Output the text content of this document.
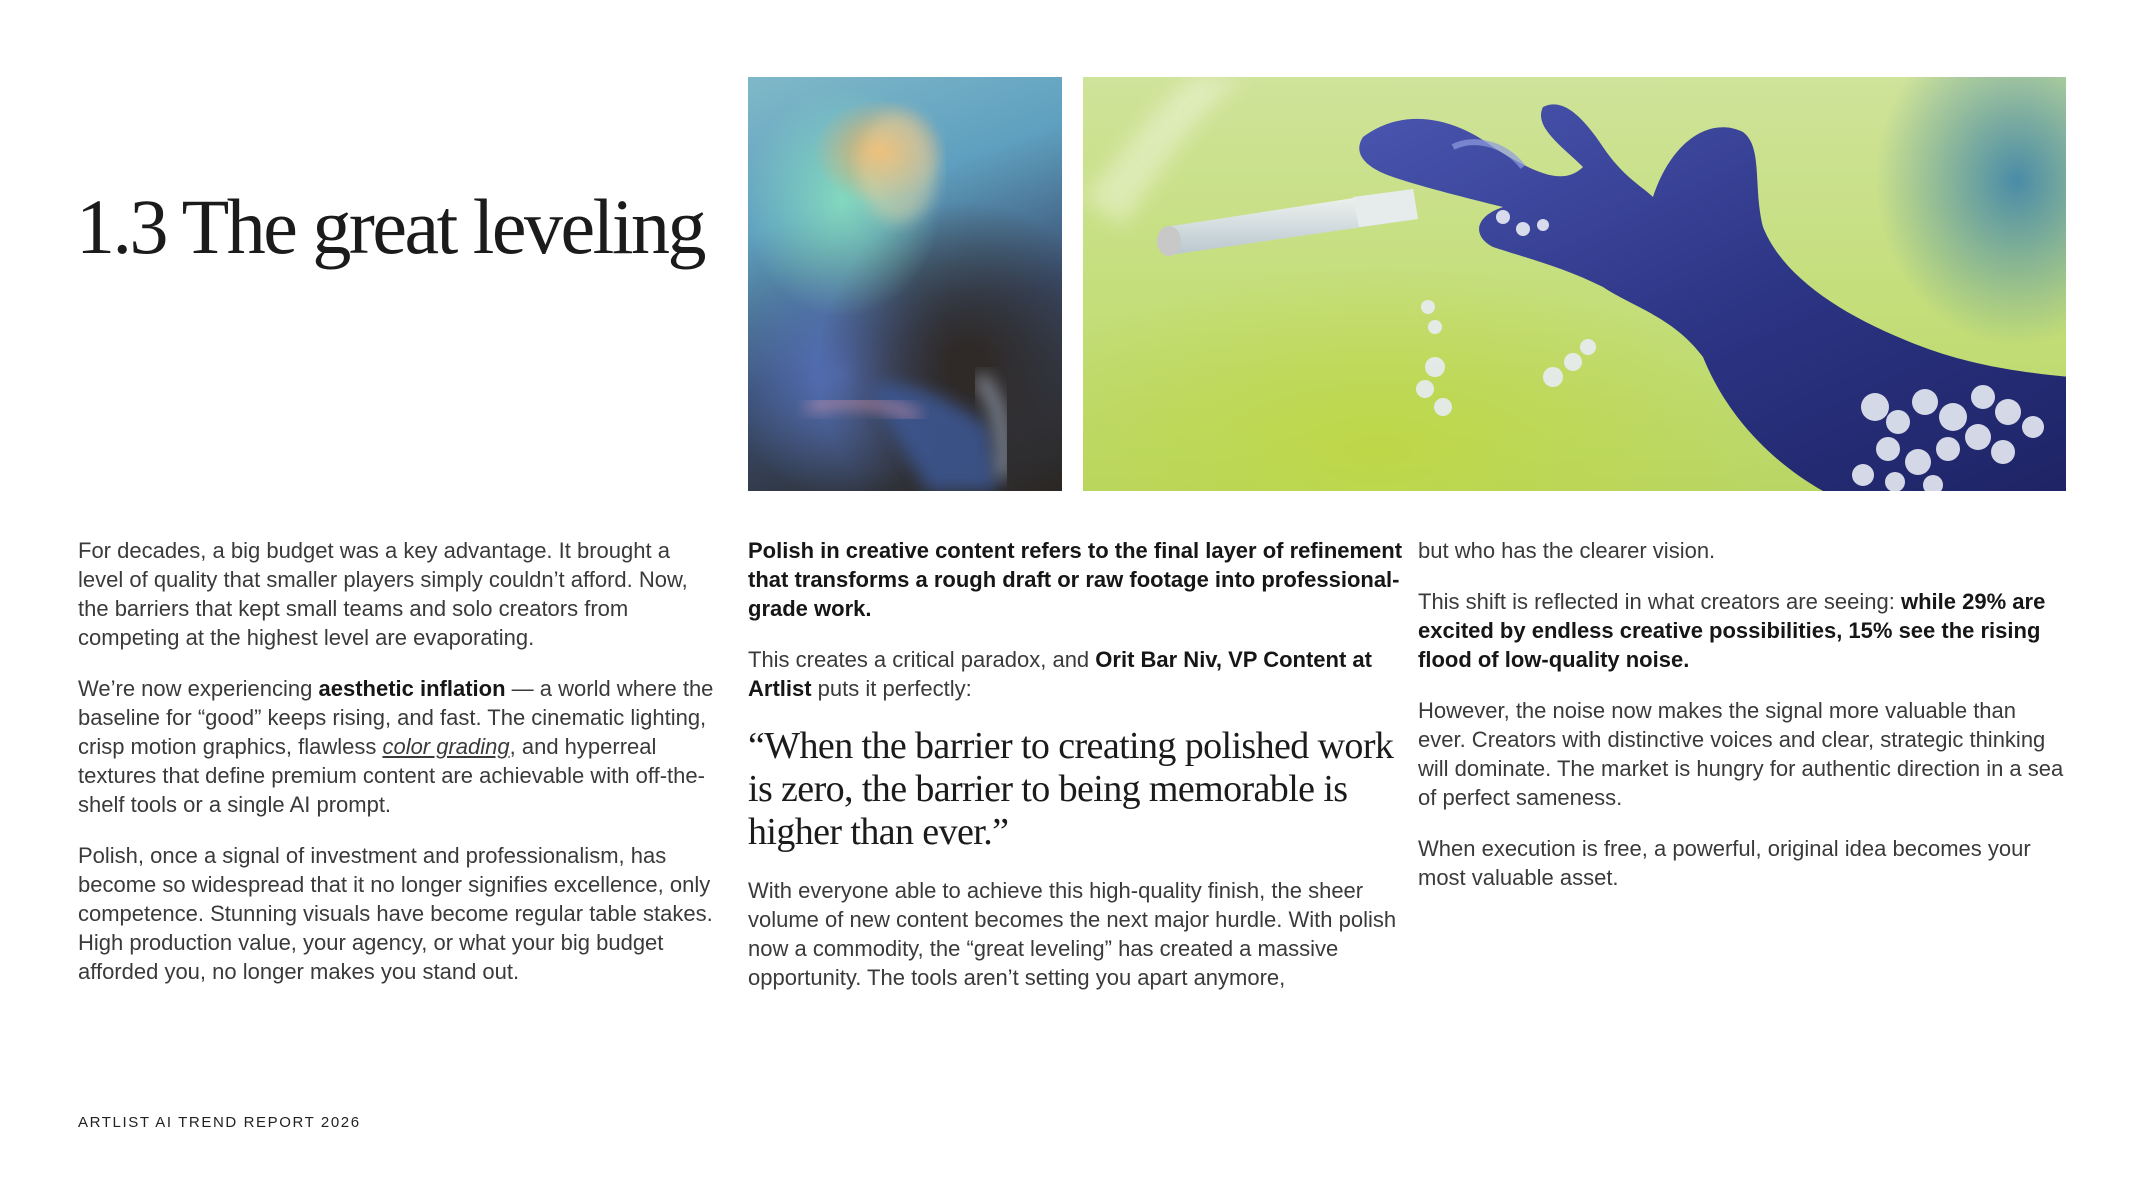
1.3 The great leveling

For decades, a big budget was a key advantage. It brought a level of quality that smaller players simply couldn’t afford. Now, the barriers that kept small teams and solo creators from competing at the highest level are evaporating.

We’re now experiencing aesthetic inflation — a world where the baseline for “good” keeps rising, and fast. The cinematic lighting, crisp motion graphics, flawless color grading, and hyperreal textures that define premium content are achievable with off-the-shelf tools or a single AI prompt.

Polish, once a signal of investment and professionalism, has become so widespread that it no longer signifies excellence, only competence. Stunning visuals have become regular table stakes. High production value, your agency, or what your big budget afforded you, no longer makes you stand out.

Polish in creative content refers to the final layer of refinement that transforms a rough draft or raw footage into professional-grade work.

This creates a critical paradox, and Orit Bar Niv, VP Content at Artlist puts it perfectly:

“When the barrier to creating polished work is zero, the barrier to being memorable is higher than ever.”

With everyone able to achieve this high-quality finish, the sheer volume of new content becomes the next major hurdle. With polish now a commodity, the “great leveling” has created a massive opportunity. The tools aren’t setting you apart anymore,

but who has the clearer vision.

This shift is reflected in what creators are seeing: while 29% are excited by endless creative possibilities, 15% see the rising flood of low-quality noise.

However, the noise now makes the signal more valuable than ever. Creators with distinctive voices and clear, strategic thinking will dominate. The market is hungry for authentic direction in a sea of perfect sameness.

When execution is free, a powerful, original idea becomes your most valuable asset.

ARTLIST AI TREND REPORT 2026
